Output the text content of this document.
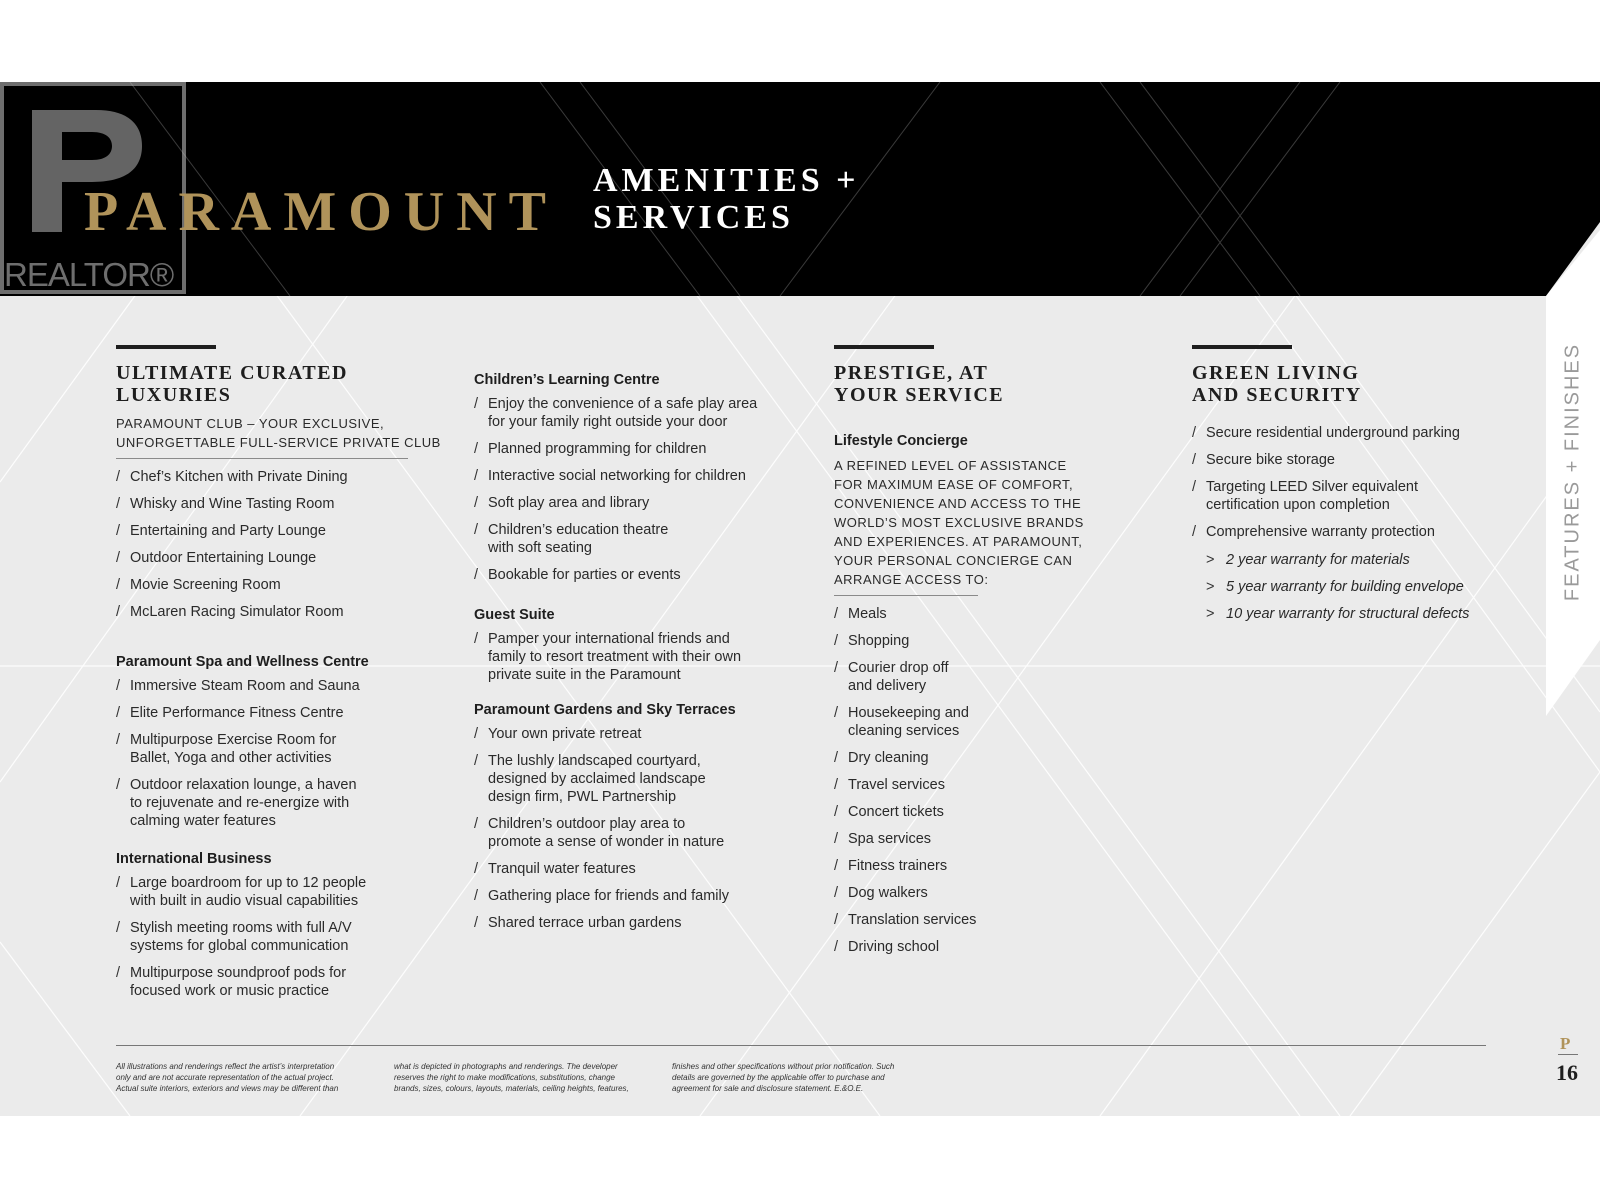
REALTOR®
PARAMOUNT
AMENITIES +
SERVICES
FEATURES + FINISHES
ULTIMATE CURATED
LUXURIES
PARAMOUNT CLUB – YOUR EXCLUSIVE,
UNFORGETTABLE FULL-SERVICE PRIVATE CLUB
/ Chef’s Kitchen with Private Dining
/ Whisky and Wine Tasting Room
/ Entertaining and Party Lounge
/ Outdoor Entertaining Lounge
/ Movie Screening Room
/ McLaren Racing Simulator Room
Paramount Spa and Wellness Centre
/ Immersive Steam Room and Sauna
/ Elite Performance Fitness Centre
/ Multipurpose Exercise Room for
Ballet, Yoga and other activities
/ Outdoor relaxation lounge, a haven
to rejuvenate and re-energize with
calming water features
International Business
/ Large boardroom for up to 12 people
with built in audio visual capabilities
/ Stylish meeting rooms with full A/V
systems for global communication
/ Multipurpose soundproof pods for
focused work or music practice
Children’s Learning Centre
/ Enjoy the convenience of a safe play area
for your family right outside your door
/ Planned programming for children
/ Interactive social networking for children
/ Soft play area and library
/ Children’s education theatre
with soft seating
/ Bookable for parties or events
Guest Suite
/ Pamper your international friends and
family to resort treatment with their own
private suite in the Paramount
Paramount Gardens and Sky Terraces
/ Your own private retreat
/ The lushly landscaped courtyard,
designed by acclaimed landscape
design firm, PWL Partnership
/ Children’s outdoor play area to
promote a sense of wonder in nature
/ Tranquil water features
/ Gathering place for friends and family
/ Shared terrace urban gardens
PRESTIGE, AT
YOUR SERVICE
Lifestyle Concierge
A REFINED LEVEL OF ASSISTANCE
FOR MAXIMUM EASE OF COMFORT,
CONVENIENCE AND ACCESS TO THE
WORLD’S MOST EXCLUSIVE BRANDS
AND EXPERIENCES. AT PARAMOUNT,
YOUR PERSONAL CONCIERGE CAN
ARRANGE ACCESS TO:
/ Meals
/ Shopping
/ Courier drop off
and delivery
/ Housekeeping and
cleaning services
/ Dry cleaning
/ Travel services
/ Concert tickets
/ Spa services
/ Fitness trainers
/ Dog walkers
/ Translation services
/ Driving school
GREEN LIVING
AND SECURITY
/ Secure residential underground parking
/ Secure bike storage
/ Targeting LEED Silver equivalent
certification upon completion
/ Comprehensive warranty protection
> 2 year warranty for materials
> 5 year warranty for building envelope
> 10 year warranty for structural defects
All illustrations and renderings reflect the artist’s interpretation
only and are not accurate representation of the actual project.
Actual suite interiors, exteriors and views may be different than
what is depicted in photographs and renderings. The developer
reserves the right to make modifications, substitutions, change
brands, sizes, colours, layouts, materials, ceiling heights, features,
finishes and other specifications without prior notification. Such
details are governed by the applicable offer to purchase and
agreement for sale and disclosure statement. E.&O.E.
P
16
